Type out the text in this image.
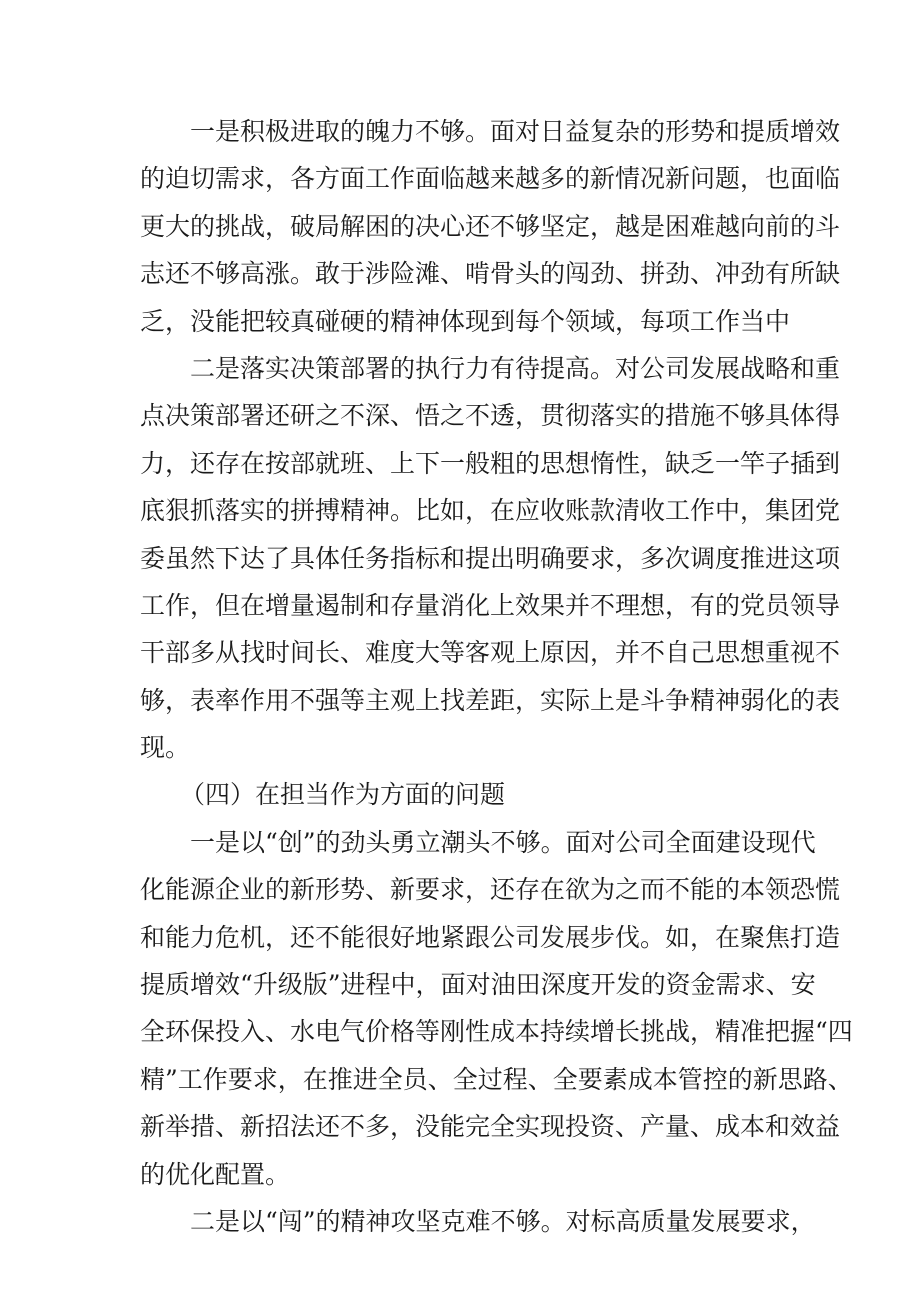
一是积极进取的魄力不够。面对日益复杂的形势和提质增效
的迫切需求，各方面工作面临越来越多的新情况新问题，也面临
更大的挑战，破局解困的决心还不够坚定，越是困难越向前的斗
志还不够高涨。敢于涉险滩、啃骨头的闯劲、拼劲、冲劲有所缺
乏，没能把较真碰硬的精神体现到每个领域，每项工作当中
二是落实决策部署的执行力有待提高。对公司发展战略和重
点决策部署还研之不深、悟之不透，贯彻落实的措施不够具体得
力，还存在按部就班、上下一般粗的思想惰性，缺乏一竿子插到
底狠抓落实的拼搏精神。比如，在应收账款清收工作中，集团党
委虽然下达了具体任务指标和提出明确要求，多次调度推进这项
工作，但在增量遏制和存量消化上效果并不理想，有的党员领导
干部多从找时间长、难度大等客观上原因，并不自己思想重视不
够，表率作用不强等主观上找差距，实际上是斗争精神弱化的表
现。
（四）在担当作为方面的问题
一是以“创”的劲头勇立潮头不够。面对公司全面建设现代
化能源企业的新形势、新要求，还存在欲为之而不能的本领恐慌
和能力危机，还不能很好地紧跟公司发展步伐。如，在聚焦打造
提质增效“升级版”进程中，面对油田深度开发的资金需求、安
全环保投入、水电气价格等刚性成本持续增长挑战，精准把握“四
精”工作要求，在推进全员、全过程、全要素成本管控的新思路、
新举措、新招法还不多，没能完全实现投资、产量、成本和效益
的优化配置。
二是以“闯”的精神攻坚克难不够。对标高质量发展要求，
